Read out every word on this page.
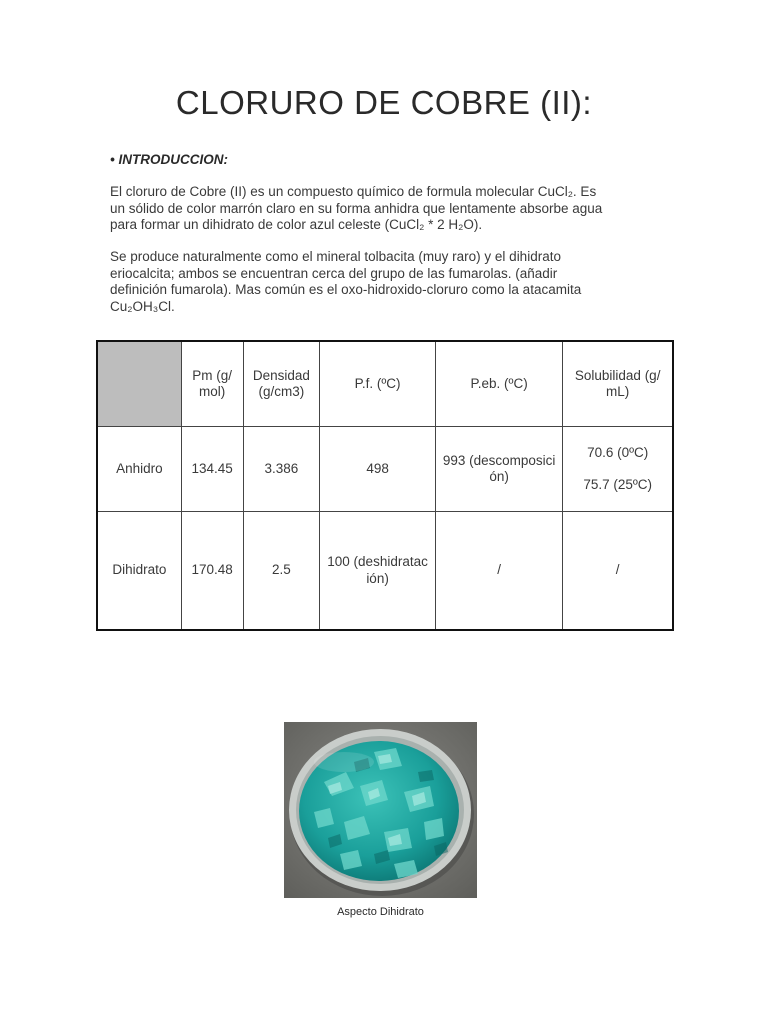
CLORURO DE COBRE (II):
• INTRODUCCION:
El cloruro de Cobre (II) es un compuesto químico de formula molecular CuCl₂. Es
un sólido de color marrón claro en su forma anhidra que lentamente absorbe agua
para formar un dihidrato de color azul celeste (CuCl₂ * 2 H₂O).
Se produce naturalmente como el mineral tolbacita (muy raro) y el dihidrato
eriocalcita; ambos se encuentran cerca del grupo de las fumarolas. (añadir
definición fumarola). Mas común es el oxo-hidroxido-cloruro como la atacamita
Cu₂OH₃Cl.
	Pm (g/mol)	Densidad (g/cm3)	P.f. (ºC)	P.eb. (ºC)	Solubilidad (g/mL)
Anhidro	134.45	3.386	498	993 (descomposición)	70.6 (0ºC)
75.7 (25ºC)

Dihidrato	170.48	2.5	100 (deshidratación)	/	/
Aspecto Dihidrato
